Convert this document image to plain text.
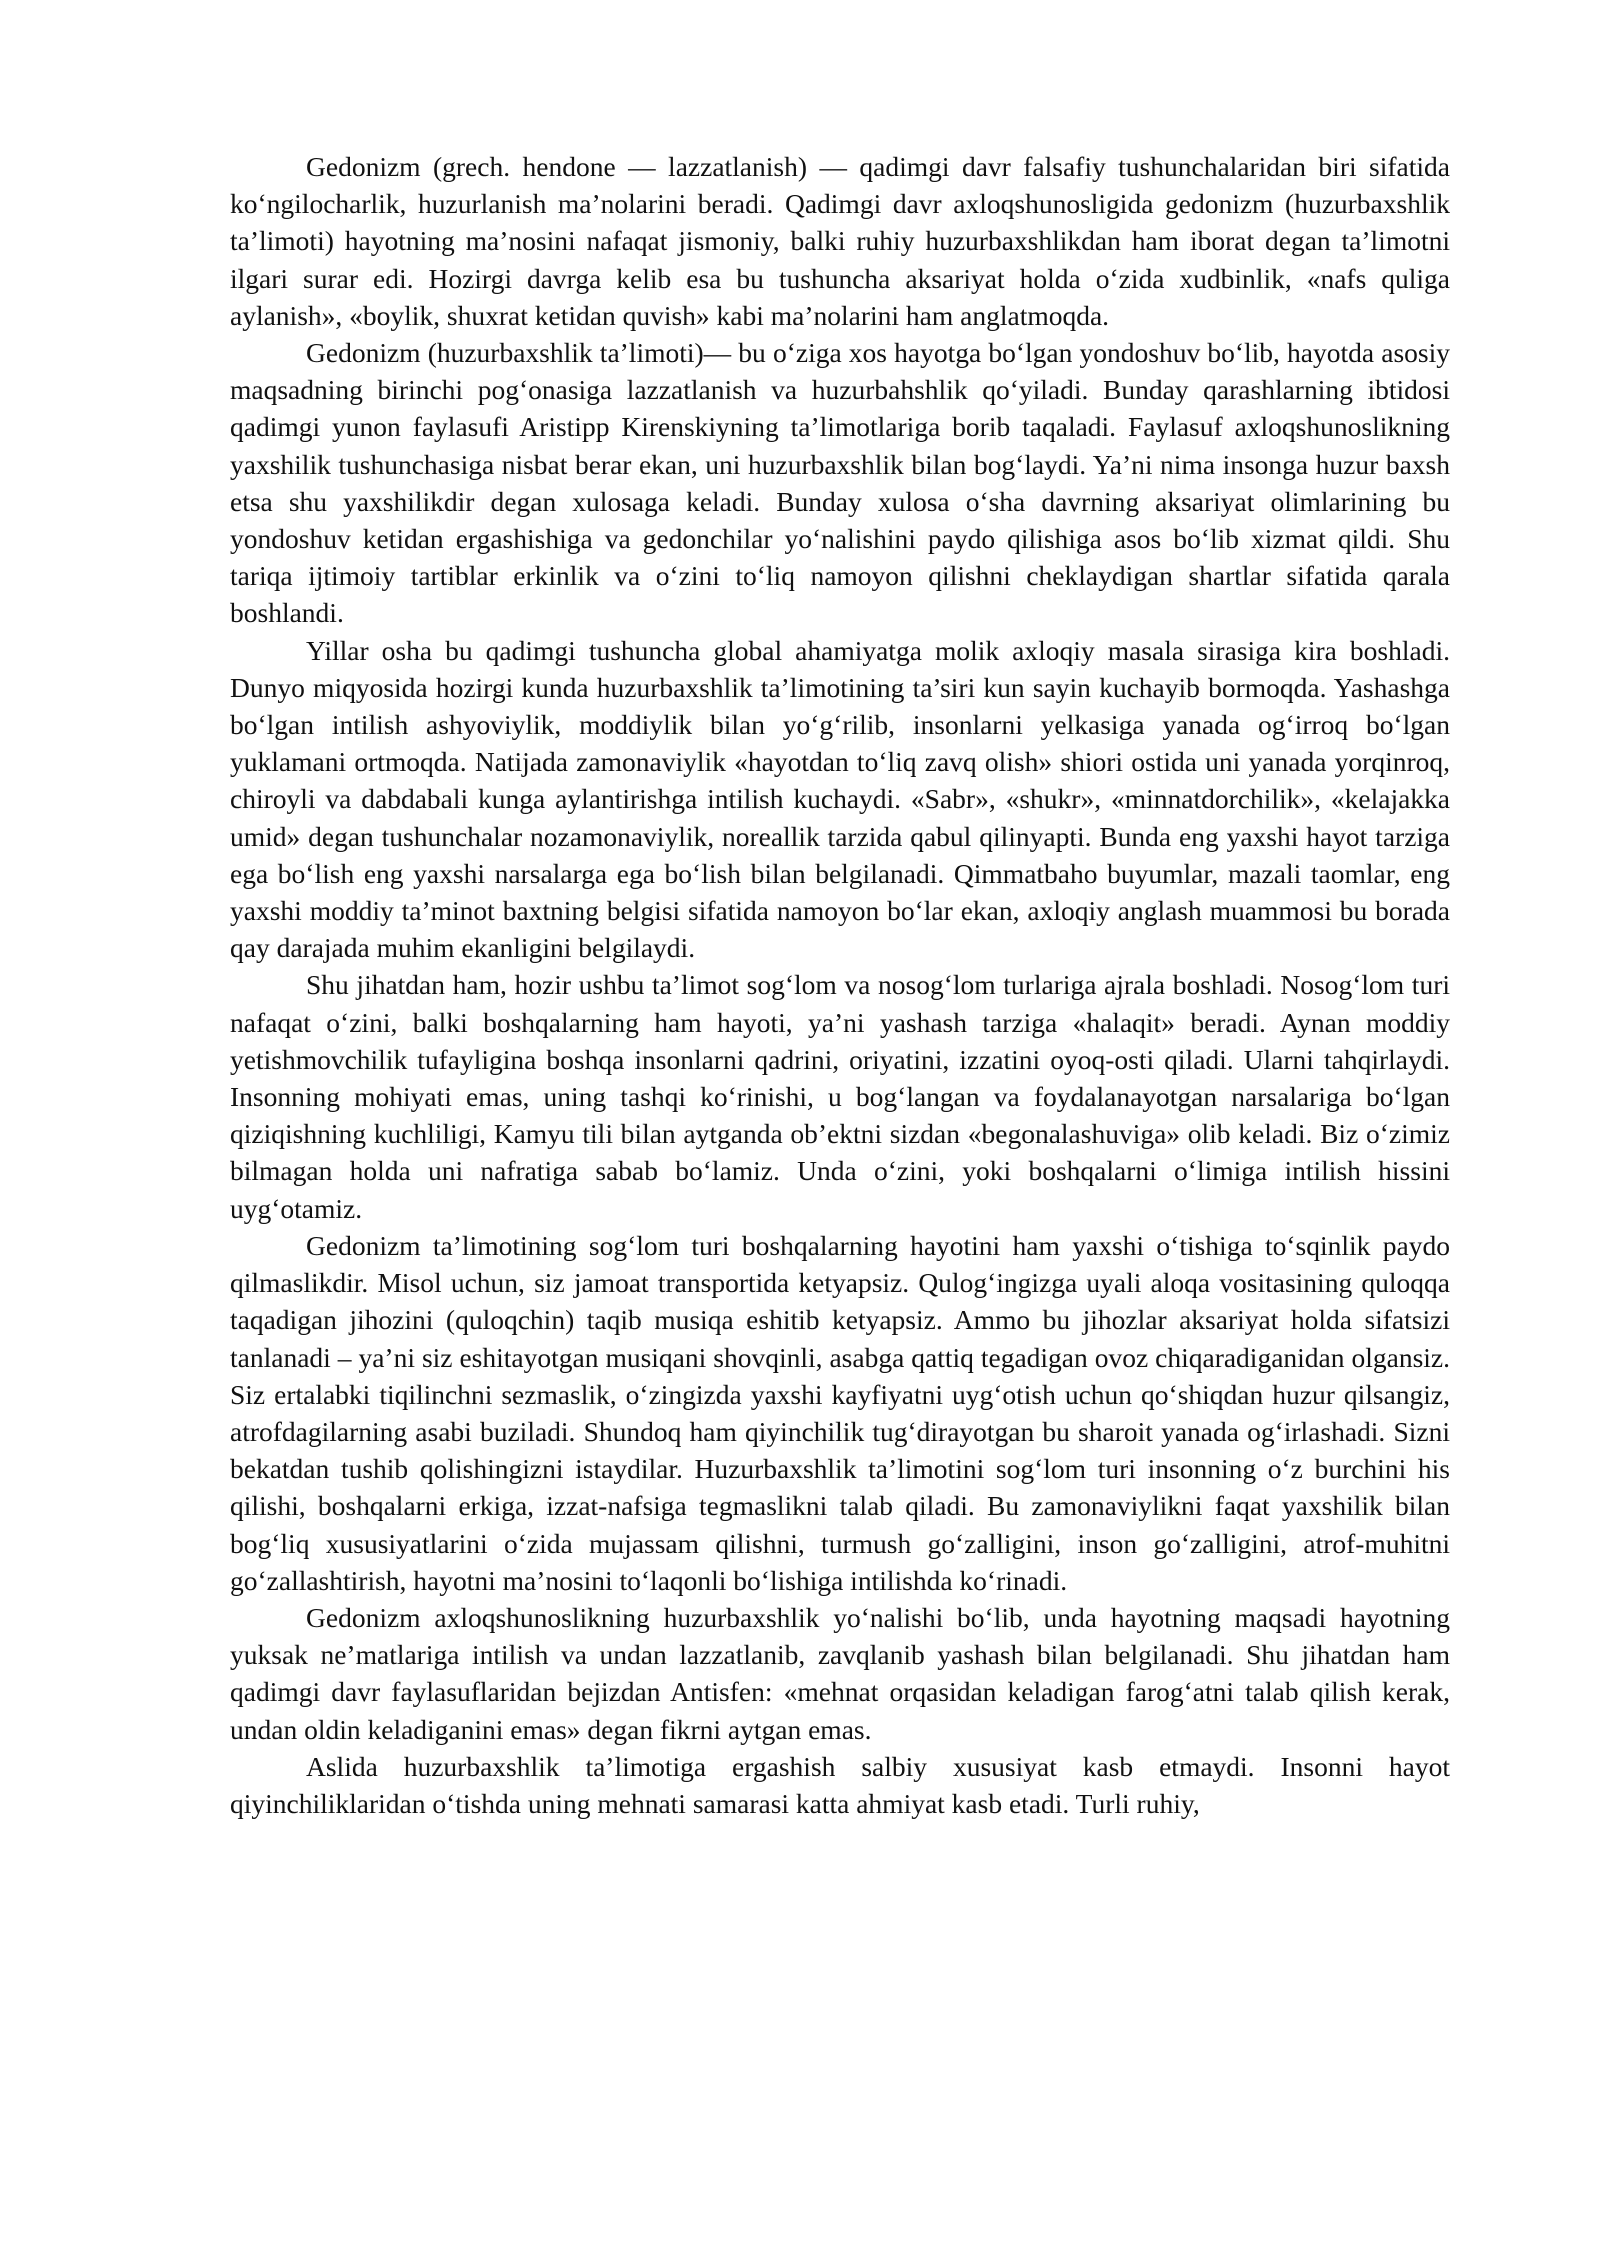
Gedonizm (grech. hendone — lazzatlanish) — qadimgi davr falsafiy tushunchalaridan biri sifatida ko‘ngilocharlik, huzurlanish ma’nolarini beradi. Qadimgi davr axloqshunosligida gedonizm (huzurbaxshlik ta’limoti) hayotning ma’nosini nafaqat jismoniy, balki ruhiy huzurbaxshlikdan ham iborat degan ta’limotni ilgari surar edi. Hozirgi davrga kelib esa bu tushuncha aksariyat holda o‘zida xudbinlik, «nafs quliga aylanish», «boylik, shuxrat ketidan quvish» kabi ma’nolarini ham anglatmoqda.

Gedonizm (huzurbaxshlik ta’limoti)— bu o‘ziga xos hayotga bo‘lgan yondoshuv bo‘lib, hayotda asosiy maqsadning birinchi pog‘onasiga lazzatlanish va huzurbahshlik qo‘yiladi. Bunday qarashlarning ibtidosi qadimgi yunon faylasufi Aristipp Kirenskiyning ta’limotlariga borib taqaladi. Faylasuf axloqshunoslikning yaxshilik tushunchasiga nisbat berar ekan, uni huzurbaxshlik bilan bog‘laydi. Ya’ni nima insonga huzur baxsh etsa shu yaxshilikdir degan xulosaga keladi. Bunday xulosa o‘sha davrning aksariyat olimlarining bu yondoshuv ketidan ergashishiga va gedonchilar yo‘nalishini paydo qilishiga asos bo‘lib xizmat qildi. Shu tariqa ijtimoiy tartiblar erkinlik va o‘zini to‘liq namoyon qilishni cheklaydigan shartlar sifatida qarala boshlandi.

Yillar osha bu qadimgi tushuncha global ahamiyatga molik axloqiy masala sirasiga kira boshladi. Dunyo miqyosida hozirgi kunda huzurbaxshlik ta’limotining ta’siri kun sayin kuchayib bormoqda. Yashashga bo‘lgan intilish ashyoviylik, moddiylik bilan yo‘g‘rilib, insonlarni yelkasiga yanada og‘irroq bo‘lgan yuklamani ortmoqda. Natijada zamonaviylik «hayotdan to‘liq zavq olish» shiori ostida uni yanada yorqinroq, chiroyli va dabdabali kunga aylantirishga intilish kuchaydi. «Sabr», «shukr», «minnatdorchilik», «kelajakka umid» degan tushunchalar nozamonaviylik, noreallik tarzida qabul qilinyapti. Bunda eng yaxshi hayot tarziga ega bo‘lish eng yaxshi narsalarga ega bo‘lish bilan belgilanadi. Qimmatbaho buyumlar, mazali taomlar, eng yaxshi moddiy ta’minot baxtning belgisi sifatida namoyon bo‘lar ekan, axloqiy anglash muammosi bu borada qay darajada muhim ekanligini belgilaydi.

Shu jihatdan ham, hozir ushbu ta’limot sog‘lom va nosog‘lom turlariga ajrala boshladi. Nosog‘lom turi nafaqat o‘zini, balki boshqalarning ham hayoti, ya’ni yashash tarziga «halaqit» beradi. Aynan moddiy yetishmovchilik tufayligina boshqa insonlarni qadrini, oriyatini, izzatini oyoq-osti qiladi. Ularni tahqirlaydi. Insonning mohiyati emas, uning tashqi ko‘rinishi, u bog‘langan va foydalanayotgan narsalariga bo‘lgan qiziqishning kuchliligi, Kamyu tili bilan aytganda ob’ektni sizdan «begonalashuviga» olib keladi. Biz o‘zimiz bilmagan holda uni nafratiga sabab bo‘lamiz. Unda o‘zini, yoki boshqalarni o‘limiga intilish hissini uyg‘otamiz.

Gedonizm ta’limotining sog‘lom turi boshqalarning hayotini ham yaxshi o‘tishiga to‘sqinlik paydo qilmaslikdir. Misol uchun, siz jamoat transportida ketyapsiz. Qulog‘ingizga uyali aloqa vositasining quloqqa taqadigan jihozini (quloqchin) taqib musiqa eshitib ketyapsiz. Ammo bu jihozlar aksariyat holda sifatsizi tanlanadi – ya’ni siz eshitayotgan musiqani shovqinli, asabga qattiq tegadigan ovoz chiqaradiganidan olgansiz. Siz ertalabki tiqilinchni sezmaslik, o‘zingizda yaxshi kayfiyatni uyg‘otish uchun qo‘shiqdan huzur qilsangiz, atrofdagilarning asabi buziladi. Shundoq ham qiyinchilik tug‘dirayotgan bu sharoit yanada og‘irlashadi. Sizni bekatdan tushib qolishingizni istaydilar. Huzurbaxshlik ta’limotini sog‘lom turi insonning o‘z burchini his qilishi, boshqalarni erkiga, izzat-nafsiga tegmaslikni talab qiladi. Bu zamonaviylikni faqat yaxshilik bilan bog‘liq xususiyatlarini o‘zida mujassam qilishni, turmush go‘zalligini, inson go‘zalligini, atrof-muhitni go‘zallashtirish, hayotni ma’nosini to‘laqonli bo‘lishiga intilishda ko‘rinadi.

Gedonizm axloqshunoslikning huzurbaxshlik yo‘nalishi bo‘lib, unda hayotning maqsadi hayotning yuksak ne’matlariga intilish va undan lazzatlanib, zavqlanib yashash bilan belgilanadi. Shu jihatdan ham qadimgi davr faylasuflaridan bejizdan Antisfen: «mehnat orqasidan keladigan farog‘atni talab qilish kerak, undan oldin keladiganini emas» degan fikrni aytgan emas.

Aslida huzurbaxshlik ta’limotiga ergashish salbiy xususiyat kasb etmaydi. Insonni hayot qiyinchiliklaridan o‘tishda uning mehnati samarasi katta ahmiyat kasb etadi. Turli ruhiy,
